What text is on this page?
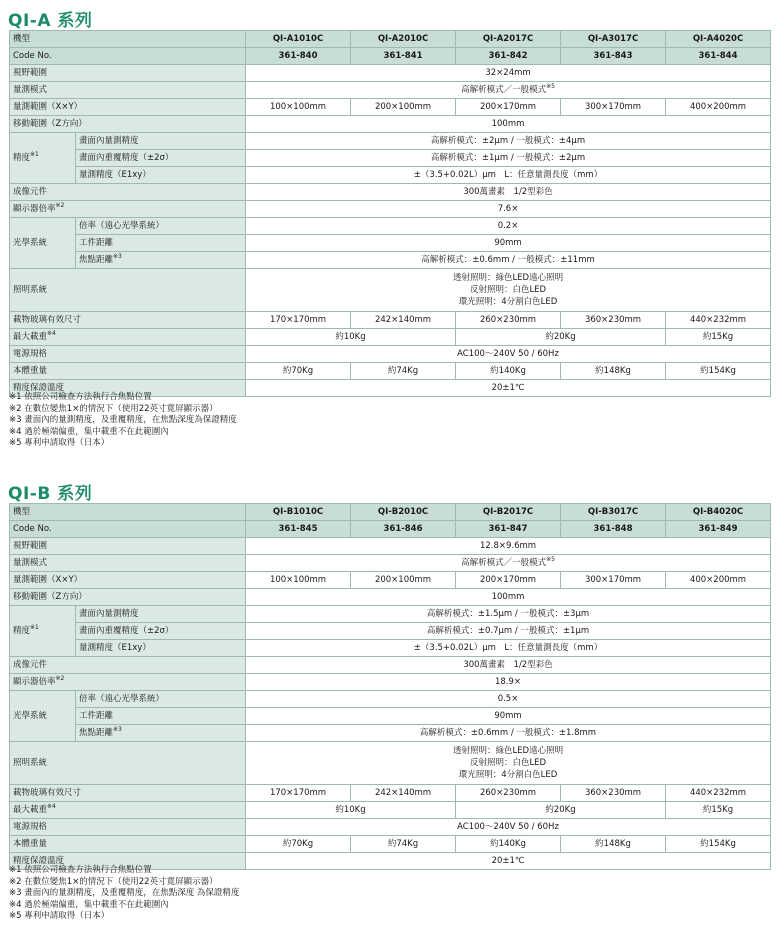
QI-A 系列
機型		QI-A1010C	QI-A2010C	QI-A2017C	QI-A3017C	QI-A4020C
Code No.		361-840	361-841	361-842	361-843	361-844
視野範圍		32×24mm				
量測模式		高解析模式／一般模式$^{※5}$
量測範圍（X×Y）		100×100mm	200×100mm	200×170mm	300×170mm	400×200mm
移動範圍（Z方向）		100mm				
精度$^{※1}$	畫面內量測精度	高解析模式：±2μm / 一般模式：±4μm				
	畫面內重覆精度（±2σ）	高解析模式：±1μm / 一般模式：±2μm				
	量測精度（E1xy）	±（3.5+0.02L）μm　L：任意量測長度（mm）				
成像元件		300萬畫素　1/2型彩色				
顯示器倍率$^{※2}$		7.6×				
光學系統	倍率（遠心光學系統）	0.2×				
	工件距離	90mm				
	焦點距離$^{※3}$	高解析模式：±0.6mm / 一般模式：±11mm				
照明系統		透射照明：綠色LED遠心照明
反射照明：白色LED
環光照明：4分割白色LED				

載物玻璃有效尺寸		170×170mm	242×140mm	260×230mm	360×230mm	440×232mm
最大載重$^{※4}$		約10Kg		約20Kg		約15Kg
電源規格		AC100～240V 50 / 60Hz				
本體重量		約70Kg	約74Kg	約140Kg	約148Kg	約154Kg
精度保證溫度		20±1℃				
※1 依照公司檢查方法執行合焦點位置
※2 在數位變焦1×的情況下（使用22英寸寬屏顯示器）
※3 畫面內的量測精度，及重覆精度，在焦點深度為保證精度
※4 過於極端偏重，集中載重不在此範圍內
※5 專利申請取得（日本）
QI-B 系列
機型		QI-B1010C	QI-B2010C	QI-B2017C	QI-B3017C	QI-B4020C
Code No.		361-845	361-846	361-847	361-848	361-849
視野範圍		12.8×9.6mm				
量測模式		高解析模式／一般模式$^{※5}$
量測範圍（X×Y）		100×100mm	200×100mm	200×170mm	300×170mm	400×200mm
移動範圍（Z方向）		100mm				
精度$^{※1}$	畫面內量測精度	高解析模式：±1.5μm / 一般模式：±3μm				
	畫面內重覆精度（±2σ）	高解析模式：±0.7μm / 一般模式：±1μm				
	量測精度（E1xy）	±（3.5+0.02L）μm　L：任意量測長度（mm）				
成像元件		300萬畫素　1/2型彩色				
顯示器倍率$^{※2}$		18.9×				
光學系統	倍率（遠心光學系統）	0.5×				
	工件距離	90mm				
	焦點距離$^{※3}$	高解析模式：±0.6mm / 一般模式：±1.8mm				
照明系統		透射照明：綠色LED遠心照明
反射照明：白色LED
環光照明：4分割白色LED				

載物玻璃有效尺寸		170×170mm	242×140mm	260×230mm	360×230mm	440×232mm
最大載重$^{※4}$		約10Kg		約20Kg		約15Kg
電源規格		AC100～240V 50 / 60Hz				
本體重量		約70Kg	約74Kg	約140Kg	約148Kg	約154Kg
精度保證溫度		20±1℃				
※1 依照公司檢查方法執行合焦點位置
※2 在數位變焦1×的情況下（使用22英寸寬屏顯示器）
※3 畫面內的量測精度，及重覆精度，在焦點深度 為保證精度
※4 過於極端偏重，集中載重不在此範圍內
※5 專利申請取得（日本）
